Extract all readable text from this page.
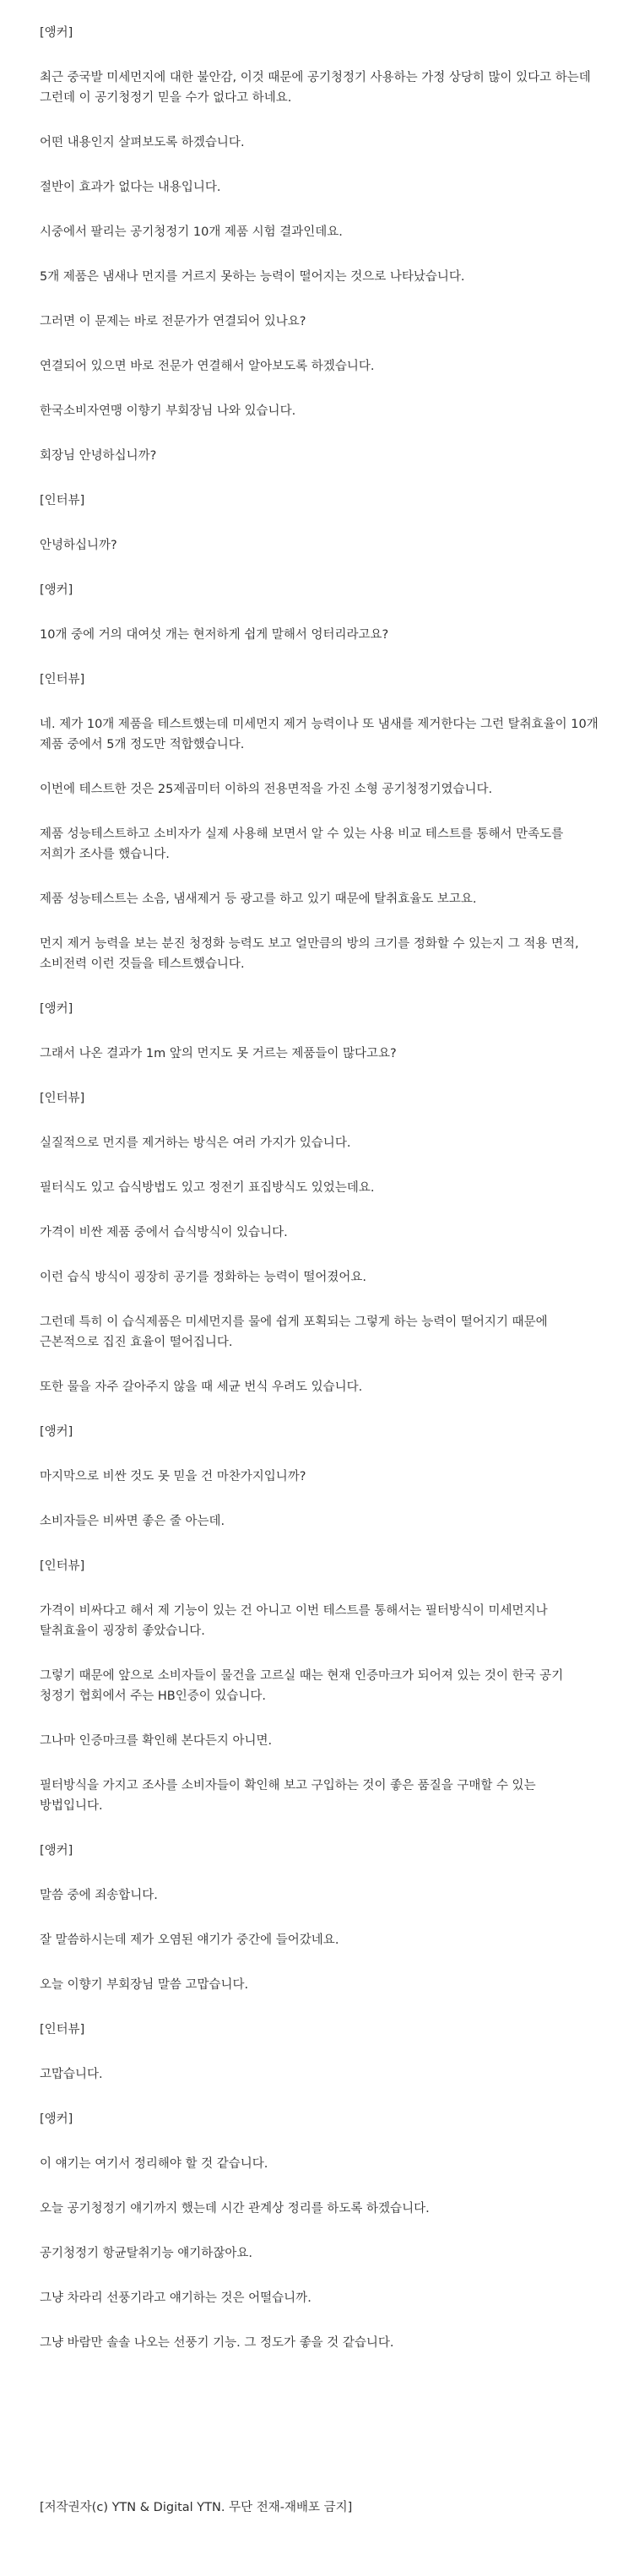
[앵커]

최근 중국발 미세먼지에 대한 불안감, 이것 때문에 공기청정기 사용하는 가정 상당히 많이 있다고 하는데 그런데 이 공기청정기 믿을 수가 없다고 하네요.

어떤 내용인지 살펴보도록 하겠습니다.

절반이 효과가 없다는 내용입니다.

시중에서 팔리는 공기청정기 10개 제품 시험 결과인데요.

5개 제품은 냄새나 먼지를 거르지 못하는 능력이 떨어지는 것으로 나타났습니다.

그러면 이 문제는 바로 전문가가 연결되어 있나요?

연결되어 있으면 바로 전문가 연결해서 알아보도록 하겠습니다.

한국소비자연맹 이향기 부회장님 나와 있습니다.

회장님 안녕하십니까?

[인터뷰]

안녕하십니까?

[앵커]

10개 중에 거의 대여섯 개는 현저하게 쉽게 말해서 엉터리라고요?

[인터뷰]

네. 제가 10개 제품을 테스트했는데 미세먼지 제거 능력이나 또 냄새를 제거한다는 그런 탈취효율이 10개 제품 중에서 5개 정도만 적합했습니다.

이번에 테스트한 것은 25제곱미터 이하의 전용면적을 가진 소형 공기청정기였습니다.

제품 성능테스트하고 소비자가 실제 사용해 보면서 알 수 있는 사용 비교 테스트를 통해서 만족도를 저희가 조사를 했습니다.

제품 성능테스트는 소음, 냄새제거 등 광고를 하고 있기 때문에 탈취효율도 보고요.

먼지 제거 능력을 보는 분진 청정화 능력도 보고 얼만큼의 방의 크기를 정화할 수 있는지 그 적용 면적, 소비전력 이런 것들을 테스트했습니다.

[앵커]

그래서 나온 결과가 1m 앞의 먼지도 못 거르는 제품들이 많다고요?

[인터뷰]

실질적으로 먼지를 제거하는 방식은 여러 가지가 있습니다.

필터식도 있고 습식방법도 있고 정전기 표집방식도 있었는데요.

가격이 비싼 제품 중에서 습식방식이 있습니다.

이런 습식 방식이 굉장히 공기를 정화하는 능력이 떨어졌어요.

그런데 특히 이 습식제품은 미세먼지를 물에 쉽게 포획되는 그렇게 하는 능력이 떨어지기 때문에 근본적으로 집진 효율이 떨어집니다.

또한 물을 자주 갈아주지 않을 때 세균 번식 우려도 있습니다.

[앵커]

마지막으로 비싼 것도 못 믿을 건 마찬가지입니까?

소비자들은 비싸면 좋은 줄 아는데.

[인터뷰]

가격이 비싸다고 해서 제 기능이 있는 건 아니고 이번 테스트를 통해서는 필터방식이 미세먼지나 탈취효율이 굉장히 좋았습니다.

그렇기 때문에 앞으로 소비자들이 물건을 고르실 때는 현재 인증마크가 되어져 있는 것이 한국 공기 청정기 협회에서 주는 HB인증이 있습니다.

그나마 인증마크를 확인해 본다든지 아니면.

필터방식을 가지고 조사를 소비자들이 확인해 보고 구입하는 것이 좋은 품질을 구매할 수 있는 방법입니다.

[앵커]

말씀 중에 죄송합니다.

잘 말씀하시는데 제가 오염된 얘기가 중간에 들어갔네요.

오늘 이향기 부회장님 말씀 고맙습니다.

[인터뷰]

고맙습니다.

[앵커]

이 얘기는 여기서 정리해야 할 것 같습니다.

오늘 공기청정기 얘기까지 했는데 시간 관계상 정리를 하도록 하겠습니다.

공기청정기 항균탈취기능 얘기하잖아요.

그냥 차라리 선풍기라고 얘기하는 것은 어떨습니까.

그냥 바람만 솔솔 나오는 선풍기 기능. 그 정도가 좋을 것 같습니다.

[저작권자(c) YTN & Digital YTN. 무단 전재-재배포 금지]
